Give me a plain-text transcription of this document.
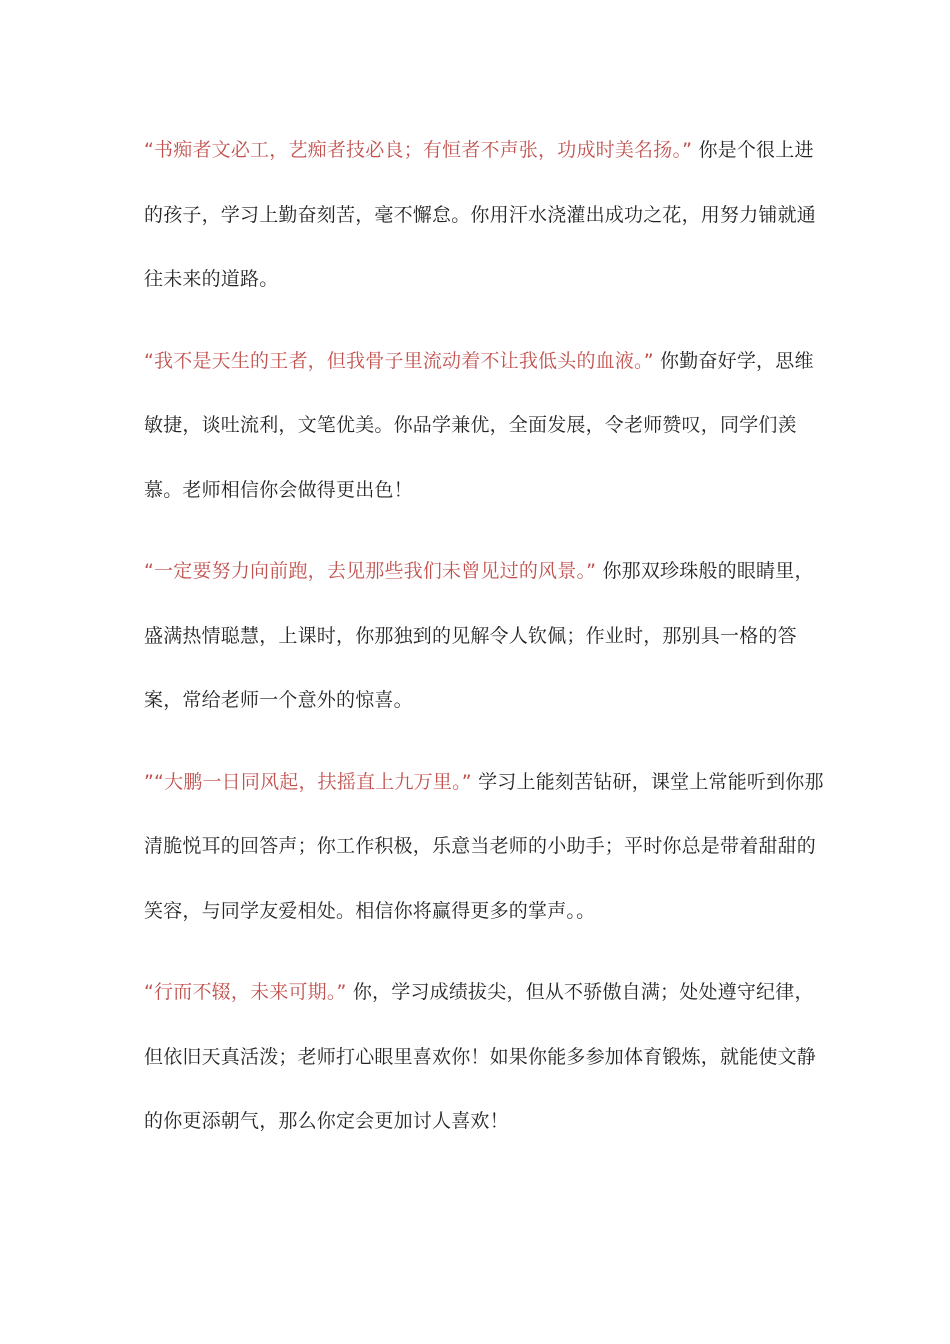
“书痴者文必工，艺痴者技必良；有恒者不声张，功成时美名扬。” 你是个很上进的孩子，学习上勤奋刻苦，毫不懈怠。你用汗水浇灌出成功之花，用努力铺就通往未来的道路。

“我不是天生的王者，但我骨子里流动着不让我低头的血液。” 你勤奋好学，思维敏捷，谈吐流利，文笔优美。你品学兼优，全面发展，令老师赞叹，同学们羡慕。老师相信你会做得更出色！

“一定要努力向前跑，去见那些我们未曾见过的风景。” 你那双珍珠般的眼睛里，盛满热情聪慧，上课时，你那独到的见解令人钦佩；作业时，那别具一格的答案，常给老师一个意外的惊喜。

”“大鹏一日同风起，扶摇直上九万里。” 学习上能刻苦钻研，课堂上常能听到你那清脆悦耳的回答声；你工作积极，乐意当老师的小助手；平时你总是带着甜甜的笑容，与同学友爱相处。相信你将赢得更多的掌声。。

“行而不辍，未来可期。” 你，学习成绩拔尖，但从不骄傲自满；处处遵守纪律，但依旧天真活泼；老师打心眼里喜欢你！如果你能多参加体育锻炼，就能使文静的你更添朝气，那么你定会更加讨人喜欢！
